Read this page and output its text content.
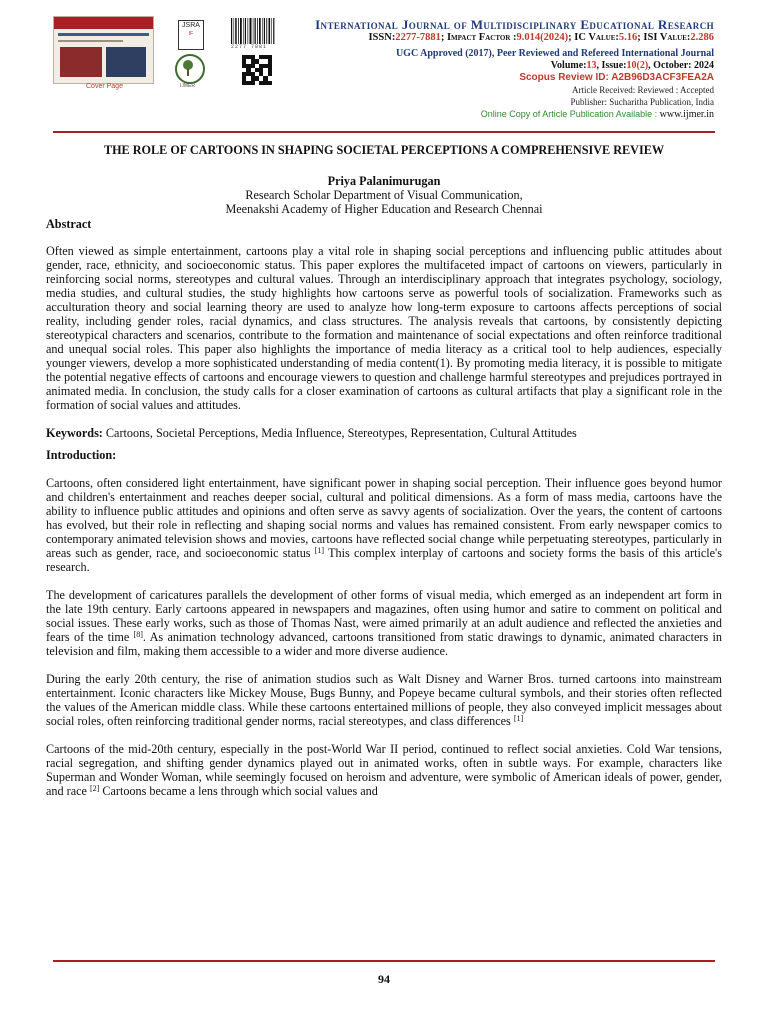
Cover Page
JSRA
IF
IJMER
2277 7881
International Journal of Multidisciplinary Educational Research
ISSN:2277-7881; Impact Factor :9.014(2024); IC Value:5.16; ISI Value:2.286
UGC Approved (2017), Peer Reviewed and Refereed International Journal
Volume:13, Issue:10(2), October: 2024
Scopus Review ID: A2B96D3ACF3FEA2A
Article Received: Reviewed : Accepted
Publisher: Sucharitha Publication, India
Online Copy of Article Publication Available : www.ijmer.in

THE ROLE OF CARTOONS IN SHAPING SOCIETAL PERCEPTIONS A COMPREHENSIVE REVIEW

Priya Palanimurugan
Research Scholar Department of Visual Communication,
Meenakshi Academy of Higher Education and Research Chennai
Abstract

Often viewed as simple entertainment, cartoons play a vital role in shaping social perceptions and influencing public attitudes about gender, race, ethnicity, and socioeconomic status. This paper explores the multifaceted impact of cartoons on viewers, particularly in reinforcing social norms, stereotypes and cultural values. Through an interdisciplinary approach that integrates psychology, sociology, media studies, and cultural studies, the study highlights how cartoons serve as powerful tools of socialization. Frameworks such as acculturation theory and social learning theory are used to analyze how long-term exposure to cartoons affects perceptions of social reality, including gender roles, racial dynamics, and class structures. The analysis reveals that cartoons, by consistently depicting stereotypical characters and scenarios, contribute to the formation and maintenance of social expectations and often reinforce traditional and unequal social roles. This paper also highlights the importance of media literacy as a critical tool to help audiences, especially younger viewers, develop a more sophisticated understanding of media content(1). By promoting media literacy, it is possible to mitigate the potential negative effects of cartoons and encourage viewers to question and challenge harmful stereotypes and prejudices portrayed in animated media. In conclusion, the study calls for a closer examination of cartoons as cultural artifacts that play a significant role in the formation of social values and attitudes.

Keywords: Cartoons, Societal Perceptions, Media Influence, Stereotypes, Representation, Cultural Attitudes

Introduction:

Cartoons, often considered light entertainment, have significant power in shaping social perception. Their influence goes beyond humor and children's entertainment and reaches deeper social, cultural and political dimensions. As a form of mass media, cartoons have the ability to influence public attitudes and opinions and often serve as savvy agents of socialization. Over the years, the content of cartoons has evolved, but their role in reflecting and shaping social norms and values has remained consistent. From early newspaper comics to contemporary animated television shows and movies, cartoons have reflected social change while perpetuating stereotypes, particularly in areas such as gender, race, and socioeconomic status [1] This complex interplay of cartoons and society forms the basis of this article's research.

The development of caricatures parallels the development of other forms of visual media, which emerged as an independent art form in the late 19th century. Early cartoons appeared in newspapers and magazines, often using humor and satire to comment on political and social issues. These early works, such as those of Thomas Nast, were aimed primarily at an adult audience and reflected the anxieties and fears of the time [8]. As animation technology advanced, cartoons transitioned from static drawings to dynamic, animated characters in television and film, making them accessible to a wider and more diverse audience.

During the early 20th century, the rise of animation studios such as Walt Disney and Warner Bros. turned cartoons into mainstream entertainment. Iconic characters like Mickey Mouse, Bugs Bunny, and Popeye became cultural symbols, and their stories often reflected the values of the American middle class. While these cartoons entertained millions of people, they also conveyed implicit messages about social roles, often reinforcing traditional gender norms, racial stereotypes, and class differences [1]

Cartoons of the mid-20th century, especially in the post-World War II period, continued to reflect social anxieties. Cold War tensions, racial segregation, and shifting gender dynamics played out in animated works, often in subtle ways. For example, characters like Superman and Wonder Woman, while seemingly focused on heroism and adventure, were symbolic of American ideals of power, gender, and race [2] Cartoons became a lens through which social values and

94
